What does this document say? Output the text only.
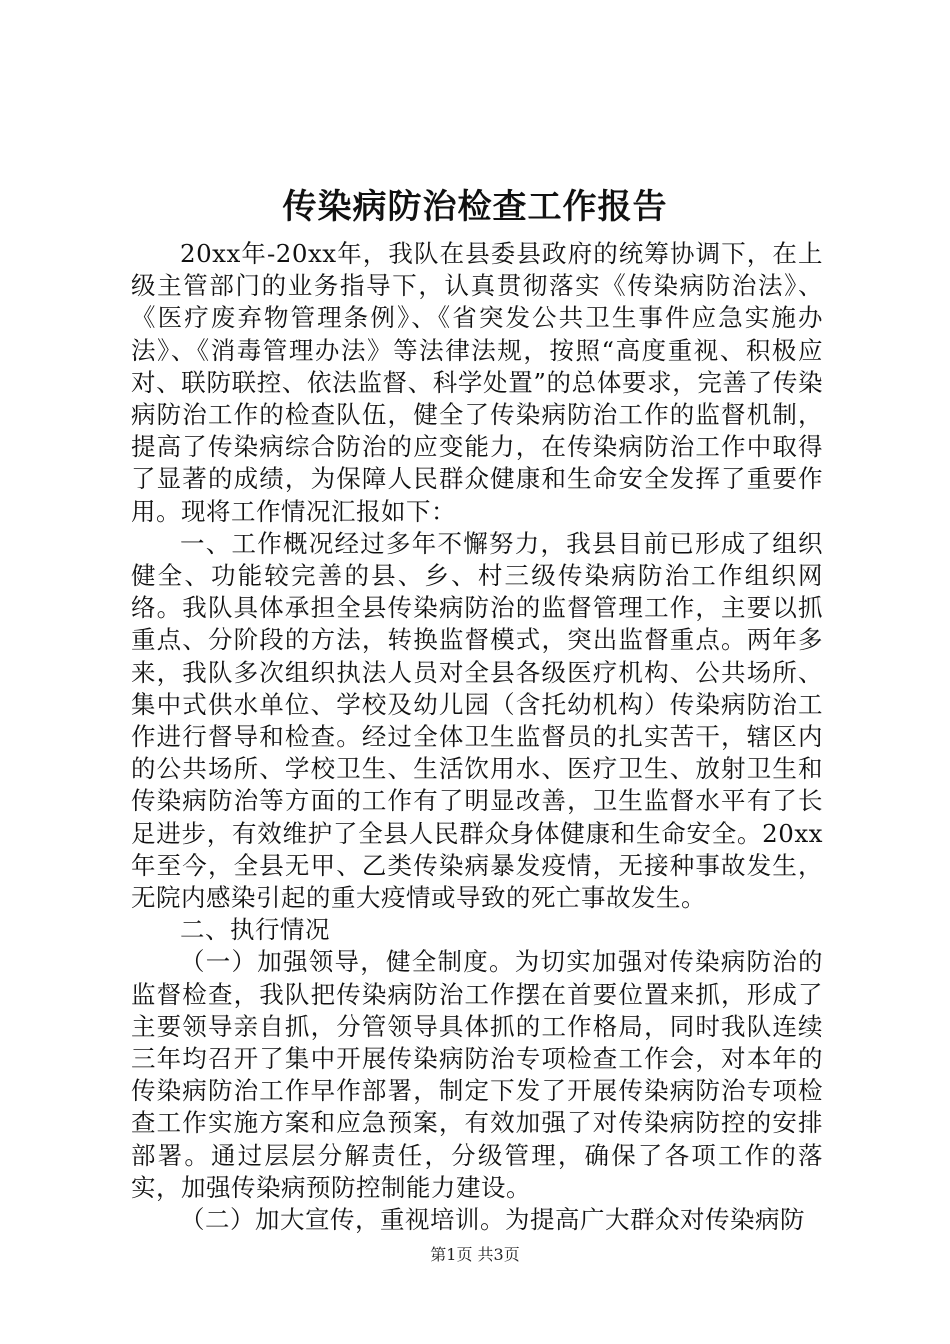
传染病防治检查工作报告

20xx年-20xx年，我队在县委县政府的统筹协调下，在上级主管部门的业务指导下，认真贯彻落实《传染病防治法》、《医疗废弃物管理条例》、《省突发公共卫生事件应急实施办法》、《消毒管理办法》等法律法规，按照“高度重视、积极应对、联防联控、依法监督、科学处置”的总体要求，完善了传染病防治工作的检查队伍，健全了传染病防治工作的监督机制，提高了传染病综合防治的应变能力，在传染病防治工作中取得了显著的成绩，为保障人民群众健康和生命安全发挥了重要作用。现将工作情况汇报如下：

一、工作概况经过多年不懈努力，我县目前已形成了组织健全、功能较完善的县、乡、村三级传染病防治工作组织网络。我队具体承担全县传染病防治的监督管理工作，主要以抓重点、分阶段的方法，转换监督模式，突出监督重点。两年多来，我队多次组织执法人员对全县各级医疗机构、公共场所、集中式供水单位、学校及幼儿园（含托幼机构）传染病防治工作进行督导和检查。经过全体卫生监督员的扎实苦干，辖区内的公共场所、学校卫生、生活饮用水、医疗卫生、放射卫生和传染病防治等方面的工作有了明显改善，卫生监督水平有了长足进步，有效维护了全县人民群众身体健康和生命安全。20xx年至今，全县无甲、乙类传染病暴发疫情，无接种事故发生，无院内感染引起的重大疫情或导致的死亡事故发生。

二、执行情况

（一）加强领导，健全制度。为切实加强对传染病防治的监督检查，我队把传染病防治工作摆在首要位置来抓，形成了主要领导亲自抓，分管领导具体抓的工作格局，同时我队连续三年均召开了集中开展传染病防治专项检查工作会，对本年的传染病防治工作早作部署，制定下发了开展传染病防治专项检查工作实施方案和应急预案，有效加强了对传染病防控的安排部署。通过层层分解责任，分级管理，确保了各项工作的落实，加强传染病预防控制能力建设。

（二）加大宣传，重视培训。为提高广大群众对传染病防

第1页 共3页
